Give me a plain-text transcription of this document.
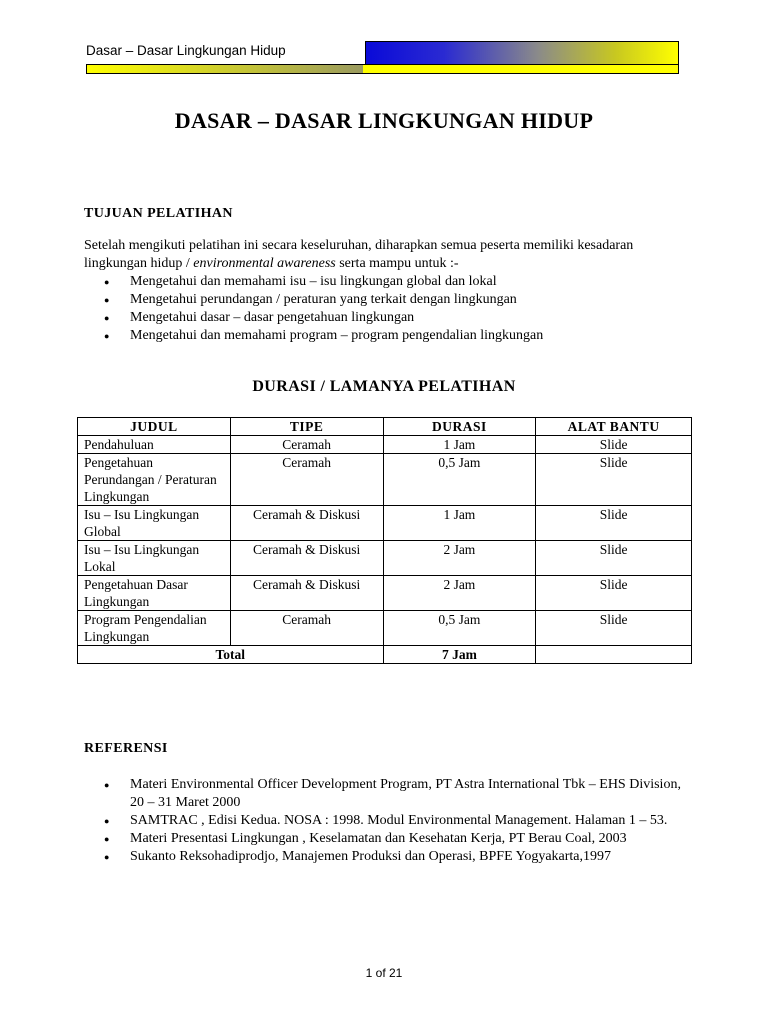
Dasar – Dasar Lingkungan Hidup
DASAR – DASAR LINGKUNGAN HIDUP
TUJUAN PELATIHAN
Setelah mengikuti pelatihan ini secara keseluruhan, diharapkan semua peserta memiliki kesadaran lingkungan hidup / environmental awareness serta mampu untuk :-
● Mengetahui dan memahami isu – isu lingkungan global dan lokal
● Mengetahui perundangan / peraturan yang terkait dengan lingkungan
● Mengetahui dasar – dasar pengetahuan lingkungan
● Mengetahui dan memahami program – program pengendalian lingkungan
DURASI / LAMANYA PELATIHAN
JUDUL	TIPE	DURASI	ALAT BANTU
Pendahuluan	Ceramah	1 Jam	Slide
Pengetahuan Perundangan / Peraturan Lingkungan	Ceramah	0,5 Jam	Slide
Isu – Isu Lingkungan Global	Ceramah & Diskusi	1 Jam	Slide
Isu – Isu Lingkungan Lokal	Ceramah & Diskusi	2 Jam	Slide
Pengetahuan Dasar Lingkungan	Ceramah & Diskusi	2 Jam	Slide
Program Pengendalian Lingkungan	Ceramah	0,5 Jam	Slide
Total		7 Jam	
REFERENSI
● Materi Environmental Officer Development Program, PT Astra International Tbk – EHS Division, 20 – 31 Maret 2000
● SAMTRAC , Edisi Kedua. NOSA : 1998. Modul Environmental Management. Halaman 1 – 53.
● Materi Presentasi Lingkungan , Keselamatan dan Kesehatan Kerja, PT Berau Coal, 2003
● Sukanto Reksohadiprodjo, Manajemen Produksi dan Operasi, BPFE Yogyakarta,1997
1 of 21
